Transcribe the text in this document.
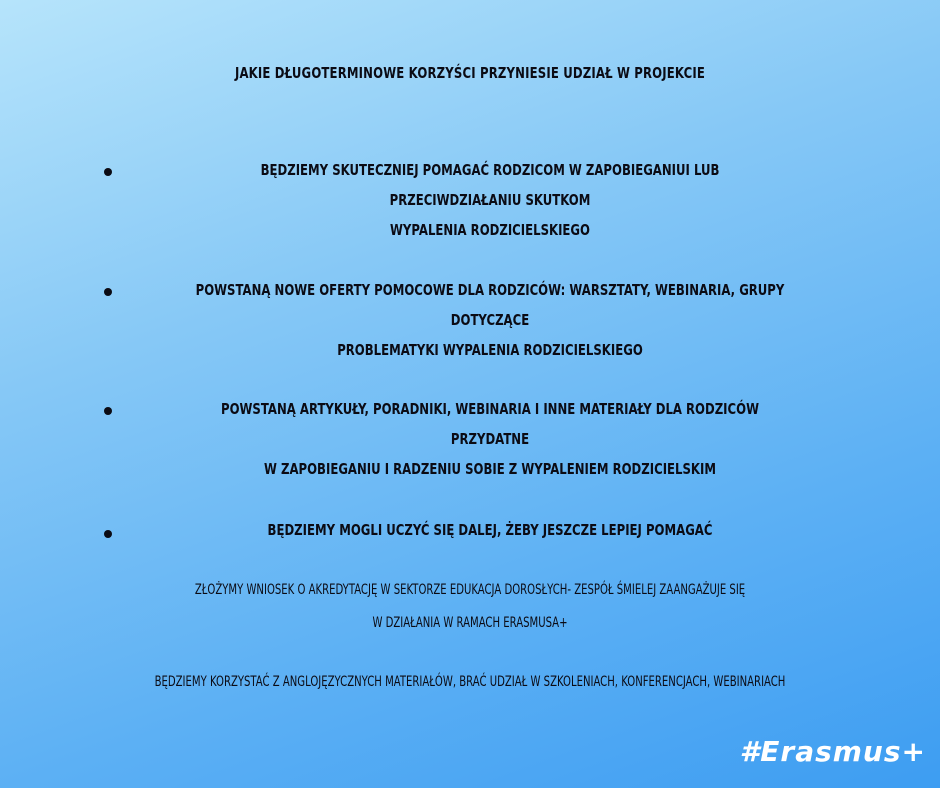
JAKIE DŁUGOTERMINOWE KORZYŚCI PRZYNIESIE UDZIAŁ W PROJEKCIE
BĘDZIEMY SKUTECZNIEJ POMAGAĆ RODZICOM W ZAPOBIEGANIUI LUB PRZECIWDZIAŁANIU SKUTKOM
WYPALENIA RODZICIELSKIEGO
POWSTANĄ NOWE OFERTY POMOCOWE DLA RODZICÓW: WARSZTATY, WEBINARIA, GRUPY DOTYCZĄCE
PROBLEMATYKI WYPALENIA RODZICIELSKIEGO
POWSTANĄ ARTYKUŁY, PORADNIKI, WEBINARIA I INNE MATERIAŁY DLA RODZICÓW PRZYDATNE
W ZAPOBIEGANIU I RADZENIU SOBIE Z WYPALENIEM RODZICIELSKIM
BĘDZIEMY MOGLI UCZYĆ SIĘ DALEJ, ŻEBY JESZCZE LEPIEJ POMAGAĆ
ZŁOŻYMY WNIOSEK O AKREDYTACJĘ W SEKTORZE EDUKACJA DOROSŁYCH- ZESPÓŁ ŚMIELEJ ZAANGAŻUJE SIĘ
W DZIAŁANIA W RAMACH ERASMUSA+
BĘDZIEMY KORZYSTAĆ Z ANGLOJĘZYCZNYCH MATERIAŁÓW, BRAĆ UDZIAŁ W SZKOLENIACH, KONFERENCJACH, WEBINARIACH
#Erasmus+
